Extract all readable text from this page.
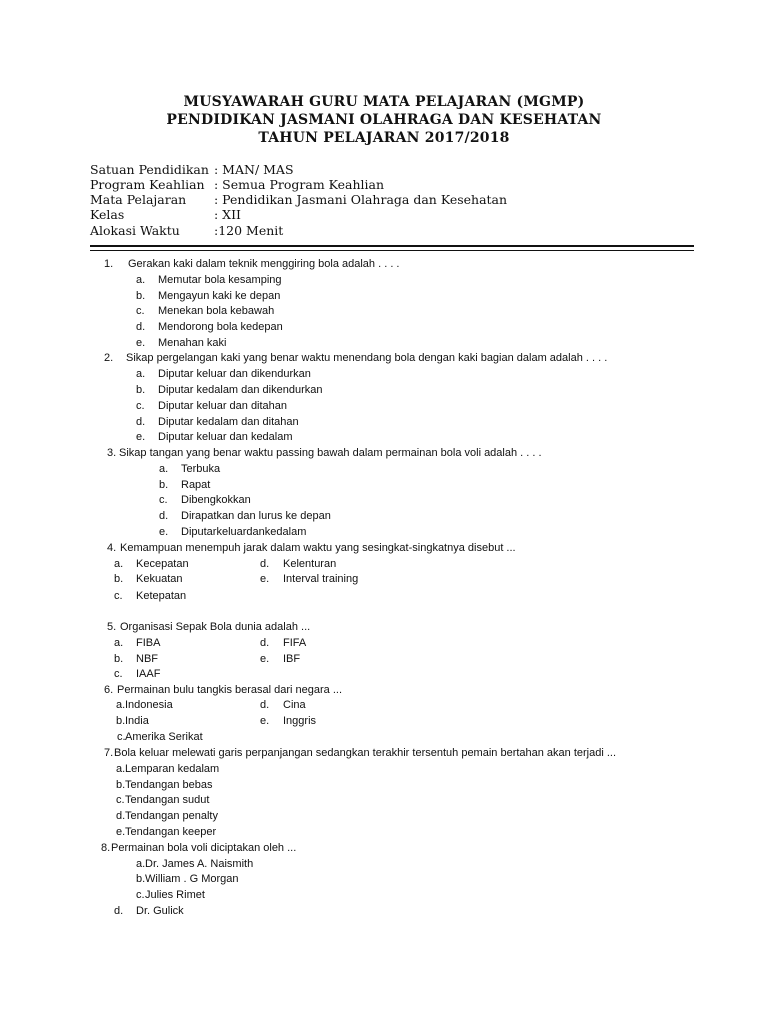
MUSYAWARAH GURU MATA PELAJARAN (MGMP)
PENDIDIKAN JASMANI OLAHRAGA DAN KESEHATAN
TAHUN PELAJARAN 2017/2018
Satuan Pendidikan : MAN/ MAS
Program Keahlian : Semua Program Keahlian
Mata Pelajaran : Pendidikan Jasmani Olahraga dan Kesehatan
Kelas	: XII
Alokasi Waktu	:120 Menit
1. Gerakan kaki dalam teknik menggiring bola adalah . . . .
a. Memutar bola kesamping
b. Mengayun kaki ke depan
c. Menekan bola kebawah
d. Mendorong bola kedepan
e. Menahan kaki
2. Sikap pergelangan kaki yang benar waktu menendang bola dengan kaki bagian dalam adalah . . . .
a. Diputar keluar dan dikendurkan
b. Diputar kedalam dan dikendurkan
c. Diputar keluar dan ditahan
d. Diputar kedalam dan ditahan
e. Diputar keluar dan kedalam
3. Sikap tangan yang benar waktu passing bawah dalam permainan bola voli adalah . . . .
a. Terbuka
b. Rapat
c. Dibengkokkan
d. Dirapatkan dan lurus ke depan
e. Diputarkeluardankedalam
4. Kemampuan menempuh jarak dalam waktu yang sesingkat-singkatnya disebut ...
a. Kecepatan	d. Kelenturan
b. Kekuatan	e. Interval training
c. Ketepatan
5. Organisasi Sepak Bola dunia adalah ...
a. FIBA	d. FIFA
b. NBF	e. IBF
c. IAAF
6. Permainan bulu tangkis berasal dari negara ...
a. Indonesia	d. Cina
b. India	e. Inggris
c. Amerika Serikat
7. Bola keluar melewati garis perpanjangan sedangkan terakhir tersentuh pemain bertahan akan terjadi ...
a. Lemparan kedalam
b. Tendangan bebas
c. Tendangan sudut
d. Tendangan penalty
e. Tendangan keeper
8. Permainan bola voli diciptakan oleh ...
a. Dr. James A. Naismith
b. William . G Morgan
c. Julies Rimet
d. Dr. Gulick
